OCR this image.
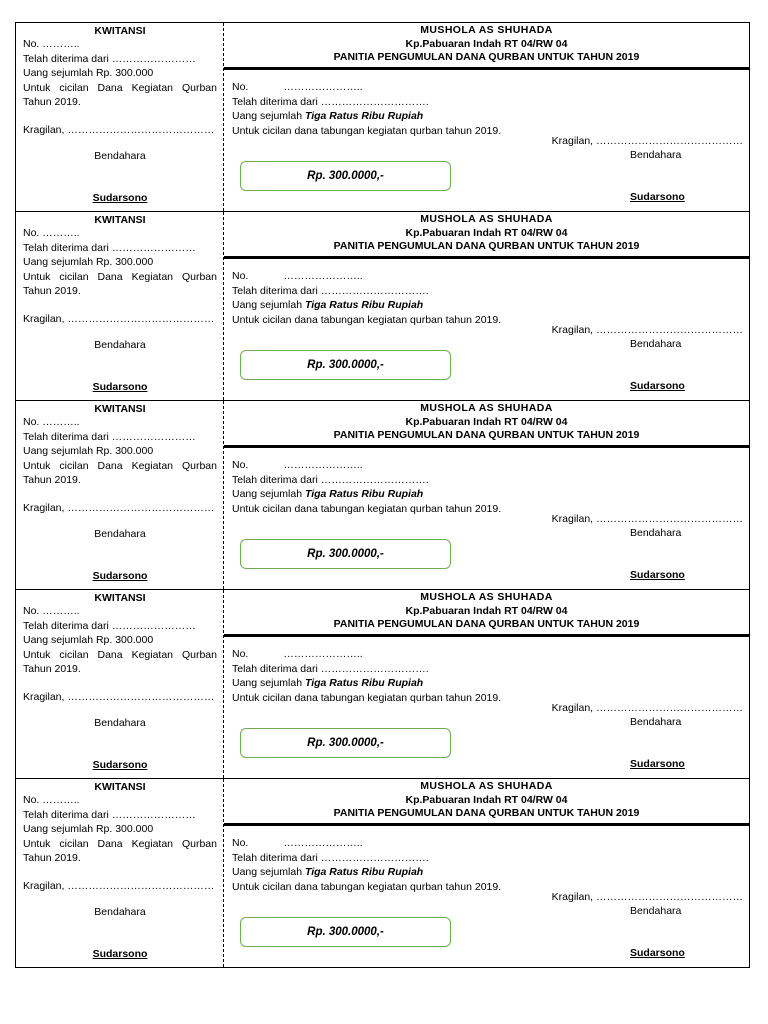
KWITANSI
No. ………..
Telah diterima dari ……………………
Uang sejumlah Rp. 300.000
Untuk cicilan Dana Kegiatan Qurban
Tahun 2019.
Kragilan, ……………………………………
Bendahara
Sudarsono
MUSHOLA AS SHUHADA
Kp.Pabuaran Indah RT 04/RW 04
PANITIA PENGUMULAN DANA QURBAN UNTUK TAHUN 2019
No.            …………………..
Telah diterima dari ………………………….
Uang sejumlah Tiga Ratus Ribu Rupiah
Untuk cicilan dana tabungan kegiatan qurban tahun 2019.
Kragilan, ……………………………………
Bendahara
Rp. 300.0000,-
Sudarsono
KWITANSI
No. ………..
Telah diterima dari ……………………
Uang sejumlah Rp. 300.000
Untuk cicilan Dana Kegiatan Qurban
Tahun 2019.
Kragilan, ……………………………………
Bendahara
Sudarsono
MUSHOLA AS SHUHADA
Kp.Pabuaran Indah RT 04/RW 04
PANITIA PENGUMULAN DANA QURBAN UNTUK TAHUN 2019
No.            …………………..
Telah diterima dari ………………………….
Uang sejumlah Tiga Ratus Ribu Rupiah
Untuk cicilan dana tabungan kegiatan qurban tahun 2019.
Kragilan, ……………………………………
Bendahara
Rp. 300.0000,-
Sudarsono
KWITANSI
No. ………..
Telah diterima dari ……………………
Uang sejumlah Rp. 300.000
Untuk cicilan Dana Kegiatan Qurban
Tahun 2019.
Kragilan, ……………………………………
Bendahara
Sudarsono
MUSHOLA AS SHUHADA
Kp.Pabuaran Indah RT 04/RW 04
PANITIA PENGUMULAN DANA QURBAN UNTUK TAHUN 2019
No.            …………………..
Telah diterima dari ………………………….
Uang sejumlah Tiga Ratus Ribu Rupiah
Untuk cicilan dana tabungan kegiatan qurban tahun 2019.
Kragilan, ……………………………………
Bendahara
Rp. 300.0000,-
Sudarsono
KWITANSI
No. ………..
Telah diterima dari ……………………
Uang sejumlah Rp. 300.000
Untuk cicilan Dana Kegiatan Qurban
Tahun 2019.
Kragilan, ……………………………………
Bendahara
Sudarsono
MUSHOLA AS SHUHADA
Kp.Pabuaran Indah RT 04/RW 04
PANITIA PENGUMULAN DANA QURBAN UNTUK TAHUN 2019
No.            …………………..
Telah diterima dari ………………………….
Uang sejumlah Tiga Ratus Ribu Rupiah
Untuk cicilan dana tabungan kegiatan qurban tahun 2019.
Kragilan, ……………………………………
Bendahara
Rp. 300.0000,-
Sudarsono
KWITANSI
No. ………..
Telah diterima dari ……………………
Uang sejumlah Rp. 300.000
Untuk cicilan Dana Kegiatan Qurban
Tahun 2019.
Kragilan, ……………………………………
Bendahara
Sudarsono
MUSHOLA AS SHUHADA
Kp.Pabuaran Indah RT 04/RW 04
PANITIA PENGUMULAN DANA QURBAN UNTUK TAHUN 2019
No.            …………………..
Telah diterima dari ………………………….
Uang sejumlah Tiga Ratus Ribu Rupiah
Untuk cicilan dana tabungan kegiatan qurban tahun 2019.
Kragilan, ……………………………………
Bendahara
Rp. 300.0000,-
Sudarsono
